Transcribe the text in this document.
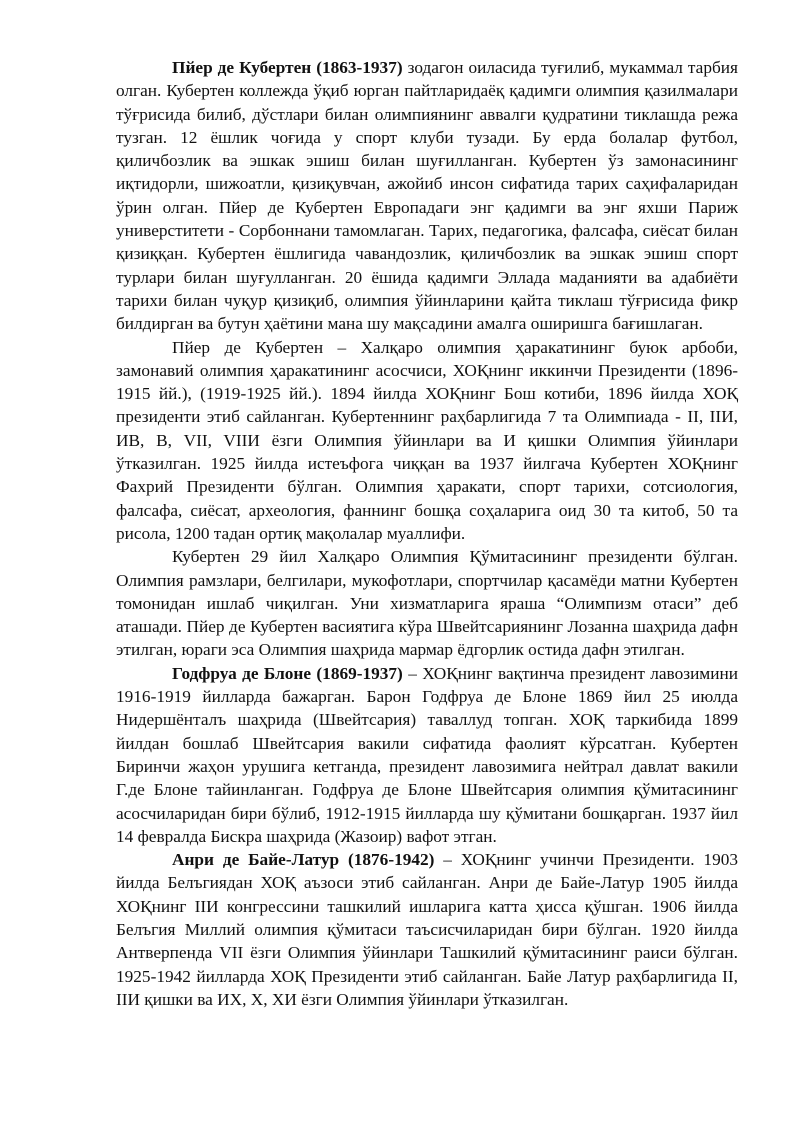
Пйер де Кубертен (1863-1937) зодагон оиласида туғилиб, мукаммал тарбия олган. Кубертен коллежда ўқиб юрган пайтларидаёқ қадимги олимпия қазилмалари тўғрисида билиб, дўстлари билан олимпиянинг аввалги қудратини тиклашда режа тузган. 12 ёшлик чоғида у спорт клуби тузади. Бу ерда болалар футбол, қиличбозлик ва эшкак эшиш билан шуғилланган. Кубертен ўз замонасининг иқтидорли, шижоатли, қизиқувчан, ажойиб инсон сифатида тарих саҳифаларидан ўрин олган. Пйер де Кубертен Европадаги энг қадимги ва энг яхши Париж универститети - Сорбоннани тамомлаган. Тарих, педагогика, фалсафа, сиёсат билан қизиққан. Кубертен ёшлигида чавандозлик, қиличбозлик ва эшкак эшиш спорт турлари билан шуғулланган. 20 ёшида қадимги Эллада маданияти ва адабиёти тарихи билан чуқур қизиқиб, олимпия ўйинларини қайта тиклаш тўғрисида фикр билдирган ва бутун ҳаётини мана шу мақсадини амалга оширишга бағишлаган.

Пйер де Кубертен – Халқаро олимпия ҳаракатининг буюк арбоби, замонавий олимпия ҳаракатининг асосчиси, ХОҚнинг иккинчи Президенти (1896-1915 йй.), (1919-1925 йй.). 1894 йилда ХОҚнинг Бош котиби, 1896 йилда ХОҚ президенти этиб сайланган. Кубертеннинг раҳбарлигида 7 та Олимпиада - II, IIИ, ИВ, В, VII, VIIИ ёзги Олимпия ўйинлари ва И қишки Олимпия ўйинлари ўтказилган. 1925 йилда истеъфога чиққан ва 1937 йилгача Кубертен ХОҚнинг Фахрий Президенти бўлган. Олимпия ҳаракати, спорт тарихи, сотсиология, фалсафа, сиёсат, археология, фаннинг бошқа соҳаларига оид 30 та китоб, 50 та рисола, 1200 тадан ортиқ мақолалар муаллифи.

Кубертен 29 йил Халқаро Олимпия Қўмитасининг президенти бўлган. Олимпия рамзлари, белгилари, мукофотлари, спортчилар қасамёди матни Кубертен томонидан ишлаб чиқилган. Уни хизматларига яраша “Олимпизм отаси” деб аташади. Пйер де Кубертен васиятига кўра Швейтсариянинг Лозанна шаҳрида дафн этилган, юраги эса Олимпия шаҳрида мармар ёдгорлик остида дафн этилган.

Годфруа де Блоне (1869-1937) – ХОҚнинг вақтинча президент лавозимини 1916-1919 йилларда бажарган. Барон Годфруа де Блоне 1869 йил 25 июлда Нидершёнталъ шаҳрида (Швейтсария) таваллуд топган. ХОҚ таркибида 1899 йилдан бошлаб Швейтсария вакили сифатида фаолият кўрсатган. Кубертен Биринчи жаҳон урушига кетганда, президент лавозимига нейтрал давлат вакили Г.де Блоне тайинланган. Годфруа де Блоне Швейтсария олимпия қўмитасининг асосчиларидан бири бўлиб, 1912-1915 йилларда шу қўмитани бошқарган. 1937 йил 14 февралда Бискра шаҳрида (Жазоир) вафот этган.

Анри де Байе-Латур (1876-1942) – ХОҚнинг учинчи Президенти. 1903 йилда Белъгиядан ХОҚ аъзоси этиб сайланган. Анри де Байе-Латур 1905 йилда ХОҚнинг IIИ конгрессини ташкилий ишларига катта ҳисса қўшган. 1906 йилда Белъгия Миллий олимпия қўмитаси таъсисчиларидан бири бўлган. 1920 йилда Антверпенда VII ёзги Олимпия ўйинлари Ташкилий қўмитасининг раиси бўлган. 1925-1942 йилларда ХОҚ Президенти этиб сайланган. Байе Латур раҳбарлигида II, IIИ қишки ва ИХ, Х, ХИ ёзги Олимпия ўйинлари ўтказилган.
